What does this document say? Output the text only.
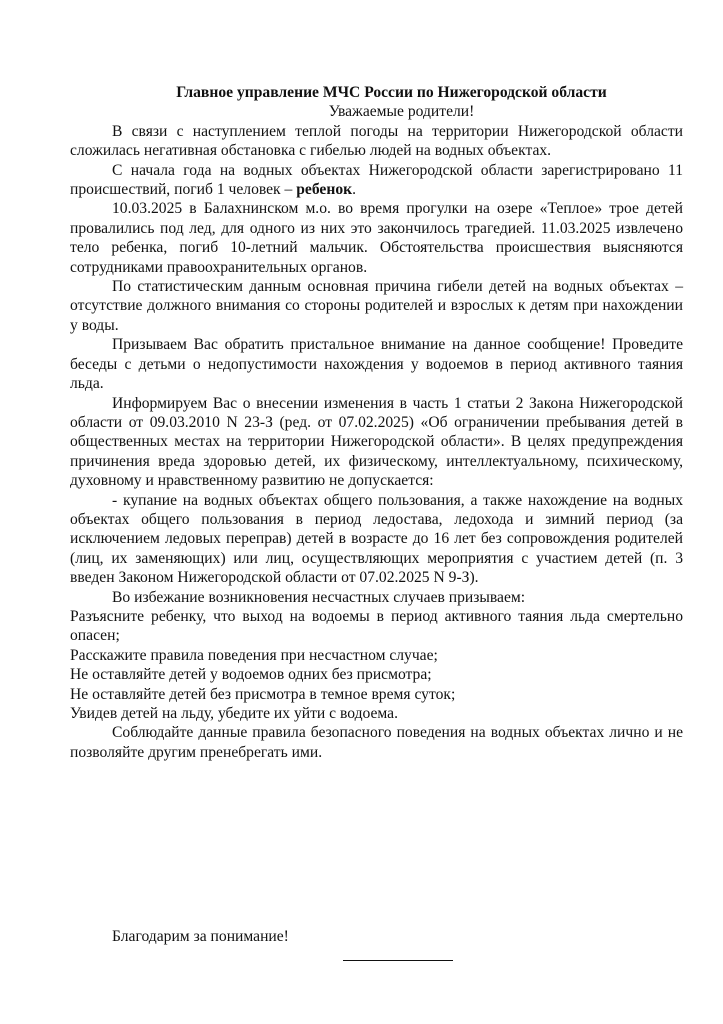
Главное управление МЧС России по Нижегородской области
Уважаемые родители!

В связи с наступлением теплой погоды на территории Нижегородской области сложилась негативная обстановка с гибелью людей на водных объектах.

С начала года на водных объектах Нижегородской области зарегистрировано 11 происшествий, погиб 1 человек – ребенок.

10.03.2025 в Балахнинском м.о. во время прогулки на озере «Теплое» трое детей провалились под лед, для одного из них это закончилось трагедией. 11.03.2025 извлечено тело ребенка, погиб 10-летний мальчик. Обстоятельства происшествия выясняются сотрудниками правоохранительных органов.

По статистическим данным основная причина гибели детей на водных объектах – отсутствие должного внимания со стороны родителей и взрослых к детям при нахождении у воды.

Призываем Вас обратить пристальное внимание на данное сообщение! Проведите беседы с детьми о недопустимости нахождения у водоемов в период активного таяния льда.

Информируем Вас о внесении изменения в часть 1 статьи 2 Закона Нижегородской области от 09.03.2010 N 23-З (ред. от 07.02.2025) «Об ограничении пребывания детей в общественных местах на территории Нижегородской области». В целях предупреждения причинения вреда здоровью детей, их физическому, интеллектуальному, психическому, духовному и нравственному развитию не допускается:

- купание на водных объектах общего пользования, а также нахождение на водных объектах общего пользования в период ледостава, ледохода и зимний период (за исключением ледовых переправ) детей в возрасте до 16 лет без сопровождения родителей (лиц, их заменяющих) или лиц, осуществляющих мероприятия с участием детей (п. 3 введен Законом Нижегородской области от 07.02.2025 N 9-З).

Во избежание возникновения несчастных случаев призываем:

Разъясните ребенку, что выход на водоемы в период активного таяния льда смертельно опасен;

Расскажите правила поведения при несчастном случае;

Не оставляйте детей у водоемов одних без присмотра;

Не оставляйте детей без присмотра в темное время суток;

Увидев детей на льду, убедите их уйти с водоема.

Соблюдайте данные правила безопасного поведения на водных объектах лично и не позволяйте другим пренебрегать ими.

Благодарим за понимание!
